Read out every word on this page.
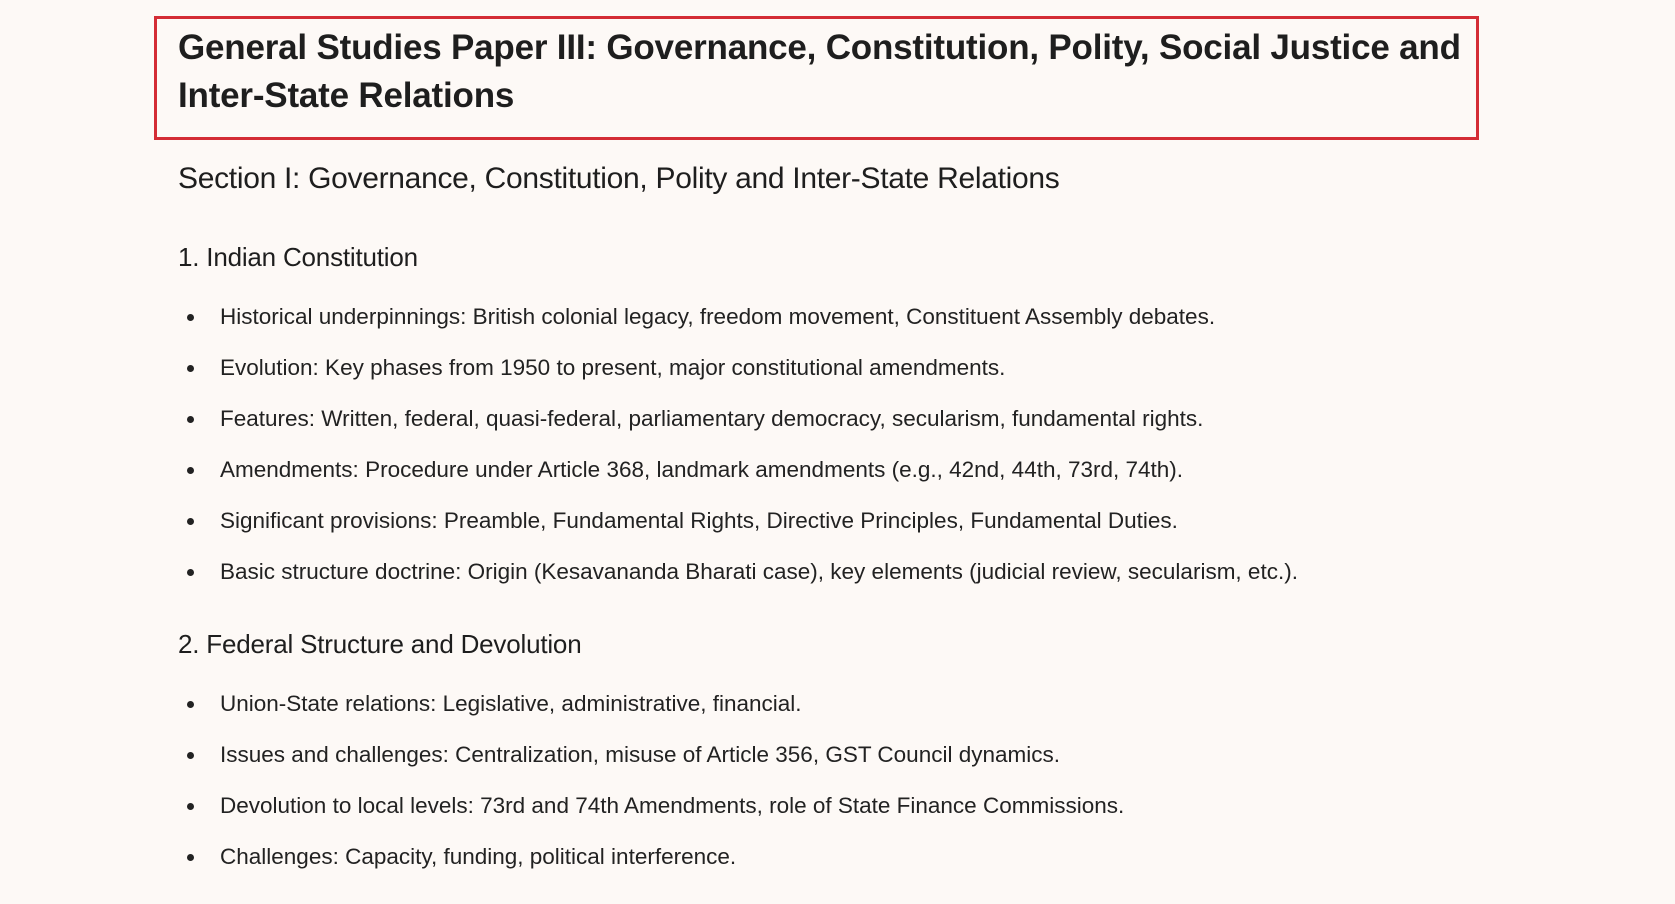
General Studies Paper III: Governance, Constitution, Polity, Social Justice and Inter-State Relations
Section I: Governance, Constitution, Polity and Inter-State Relations
1. Indian Constitution
Historical underpinnings: British colonial legacy, freedom movement, Constituent Assembly debates.
Evolution: Key phases from 1950 to present, major constitutional amendments.
Features: Written, federal, quasi-federal, parliamentary democracy, secularism, fundamental rights.
Amendments: Procedure under Article 368, landmark amendments (e.g., 42nd, 44th, 73rd, 74th).
Significant provisions: Preamble, Fundamental Rights, Directive Principles, Fundamental Duties.
Basic structure doctrine: Origin (Kesavananda Bharati case), key elements (judicial review, secularism, etc.).
2. Federal Structure and Devolution
Union-State relations: Legislative, administrative, financial.
Issues and challenges: Centralization, misuse of Article 356, GST Council dynamics.
Devolution to local levels: 73rd and 74th Amendments, role of State Finance Commissions.
Challenges: Capacity, funding, political interference.
